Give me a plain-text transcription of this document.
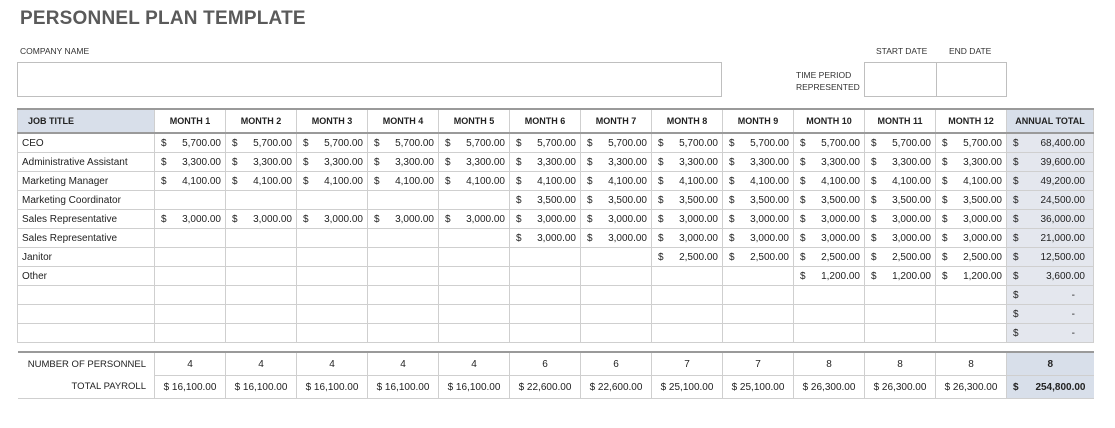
PERSONNEL PLAN TEMPLATE
COMPANY NAME	START DATE	END DATE
TIME PERIOD REPRESENTED
JOB TITLE	MONTH 1	MONTH 2	MONTH 3	MONTH 4	MONTH 5	MONTH 6	MONTH 7	MONTH 8	MONTH 9	MONTH 10	MONTH 11	MONTH 12	ANNUAL TOTAL
CEO	$ 5,700.00	$ 5,700.00	$ 5,700.00	$ 5,700.00	$ 5,700.00	$ 5,700.00	$ 5,700.00	$ 5,700.00	$ 5,700.00	$ 5,700.00	$ 5,700.00	$ 5,700.00	$ 68,400.00

Administrative Assistant	$ 3,300.00	$ 3,300.00	$ 3,300.00	$ 3,300.00	$ 3,300.00	$ 3,300.00	$ 3,300.00	$ 3,300.00	$ 3,300.00	$ 3,300.00	$ 3,300.00	$ 3,300.00	$ 39,600.00

Marketing Manager	$ 4,100.00	$ 4,100.00	$ 4,100.00	$ 4,100.00	$ 4,100.00	$ 4,100.00	$ 4,100.00	$ 4,100.00	$ 4,100.00	$ 4,100.00	$ 4,100.00	$ 4,100.00	$ 49,200.00

Marketing Coordinator						$ 3,500.00	$ 3,500.00	$ 3,500.00	$ 3,500.00	$ 3,500.00	$ 3,500.00	$ 3,500.00	$ 24,500.00

Sales Representative	$ 3,000.00	$ 3,000.00	$ 3,000.00	$ 3,000.00	$ 3,000.00	$ 3,000.00	$ 3,000.00	$ 3,000.00	$ 3,000.00	$ 3,000.00	$ 3,000.00	$ 3,000.00	$ 36,000.00

Sales Representative						$ 3,000.00	$ 3,000.00	$ 3,000.00	$ 3,000.00	$ 3,000.00	$ 3,000.00	$ 3,000.00	$ 21,000.00

Janitor								$ 2,500.00	$ 2,500.00	$ 2,500.00	$ 2,500.00	$ 2,500.00	$ 12,500.00

Other										$ 1,200.00	$ 1,200.00	$ 1,200.00	$ 3,600.00

													$ -

													$ -

													$ -

NUMBER OF PERSONNEL	4	4	4	4	4	6	6	7	7	8	8	8	8
TOTAL PAYROLL	$ 16,100.00	$ 16,100.00	$ 16,100.00	$ 16,100.00	$ 16,100.00	$ 22,600.00	$ 22,600.00	$ 25,100.00	$ 25,100.00	$ 26,300.00	$ 26,300.00	$ 26,300.00	$ 254,800.00
